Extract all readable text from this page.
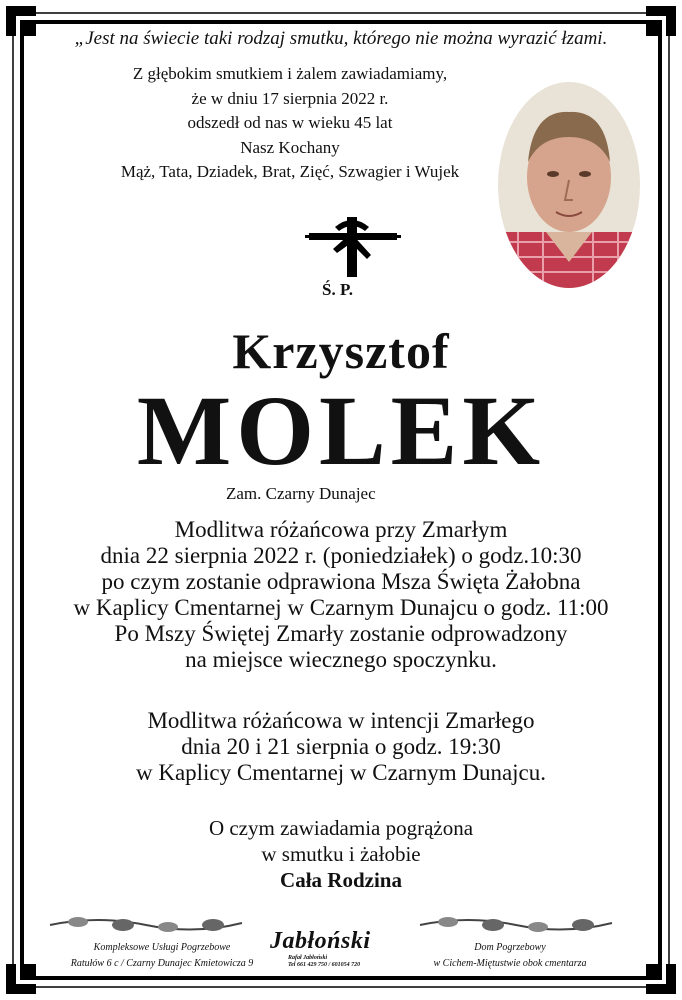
„Jest na świecie taki rodzaj smutku, którego nie można wyrazić łzami.
Z głębokim smutkiem i żalem zawiadamiamy,
że w dniu 17 sierpnia 2022 r.
odszedł od nas w wieku 45 lat
Nasz Kochany
Mąż, Tata, Dziadek, Brat, Zięć, Szwagier i Wujek
Ś. P.
Krzysztof
MOLEK
Zam. Czarny Dunajec
Modlitwa różańcowa przy Zmarłym
dnia 22 sierpnia 2022 r. (poniedziałek) o godz.10:30
po czym zostanie odprawiona Msza Święta Żałobna
w Kaplicy Cmentarnej w Czarnym Dunajcu o godz. 11:00
Po Mszy Świętej Zmarły zostanie odprowadzony
na miejsce wiecznego spoczynku.
Modlitwa różańcowa w intencji Zmarłego
dnia 20 i 21 sierpnia o godz. 19:30
w Kaplicy Cmentarnej w Czarnym Dunajcu.
O czym zawiadamia pogrążona
w smutku i żałobie
Cała Rodzina
Kompleksowe Usługi Pogrzebowe
Ratułów 6 c / Czarny Dunajec Kmietowicza 9
Jabłoński
Rafał Jabłoński
Tel 661 429 750 / 601054 720
Dom Pogrzebowy
w Cichem-Miętustwie obok cmentarza
